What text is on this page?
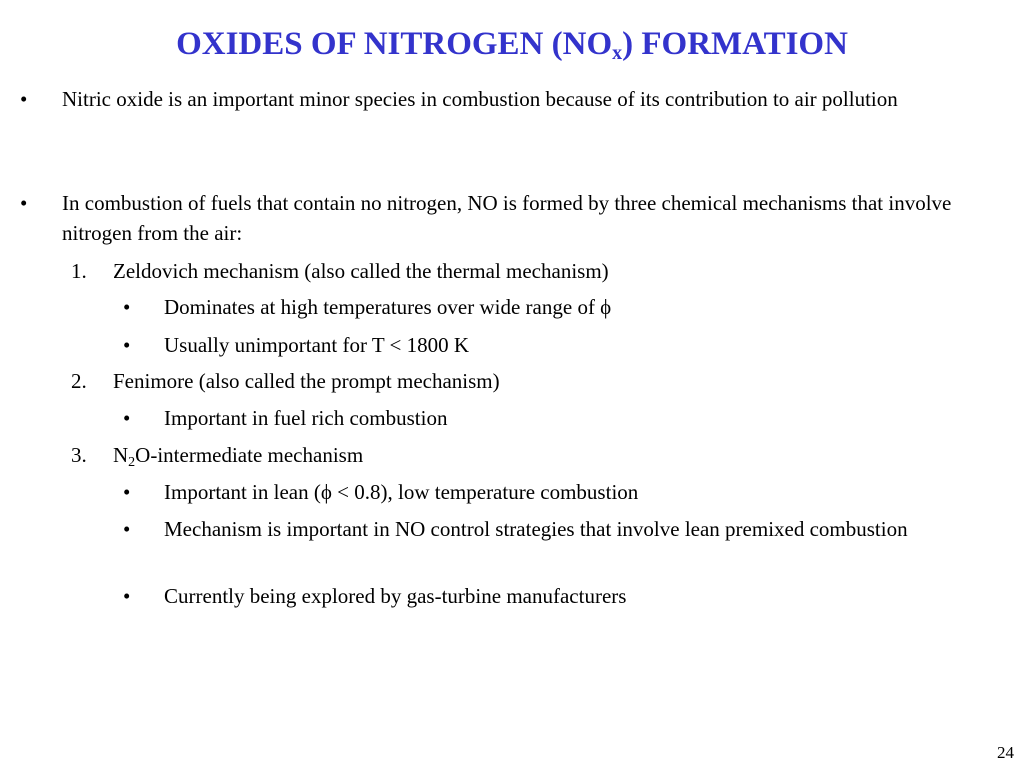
OXIDES OF NITROGEN $(NO_x)$ FORMATION
• Nitric oxide is an important minor species in combustion because of its contribution to air pollution
• In combustion of fuels that contain no nitrogen, NO is formed by three chemical mechanisms that involve nitrogen from the air:
1. Zeldovich mechanism (also called the thermal mechanism)
• Dominates at high temperatures over wide range of ϕ
• Usually unimportant for T < 1800 K
2. Fenimore (also called the prompt mechanism)
• Important in fuel rich combustion
3. $N_2O$-intermediate mechanism
• Important in lean (ϕ < 0.8), low temperature combustion
• Mechanism is important in NO control strategies that involve lean premixed combustion
• Currently being explored by gas-turbine manufacturers
24
